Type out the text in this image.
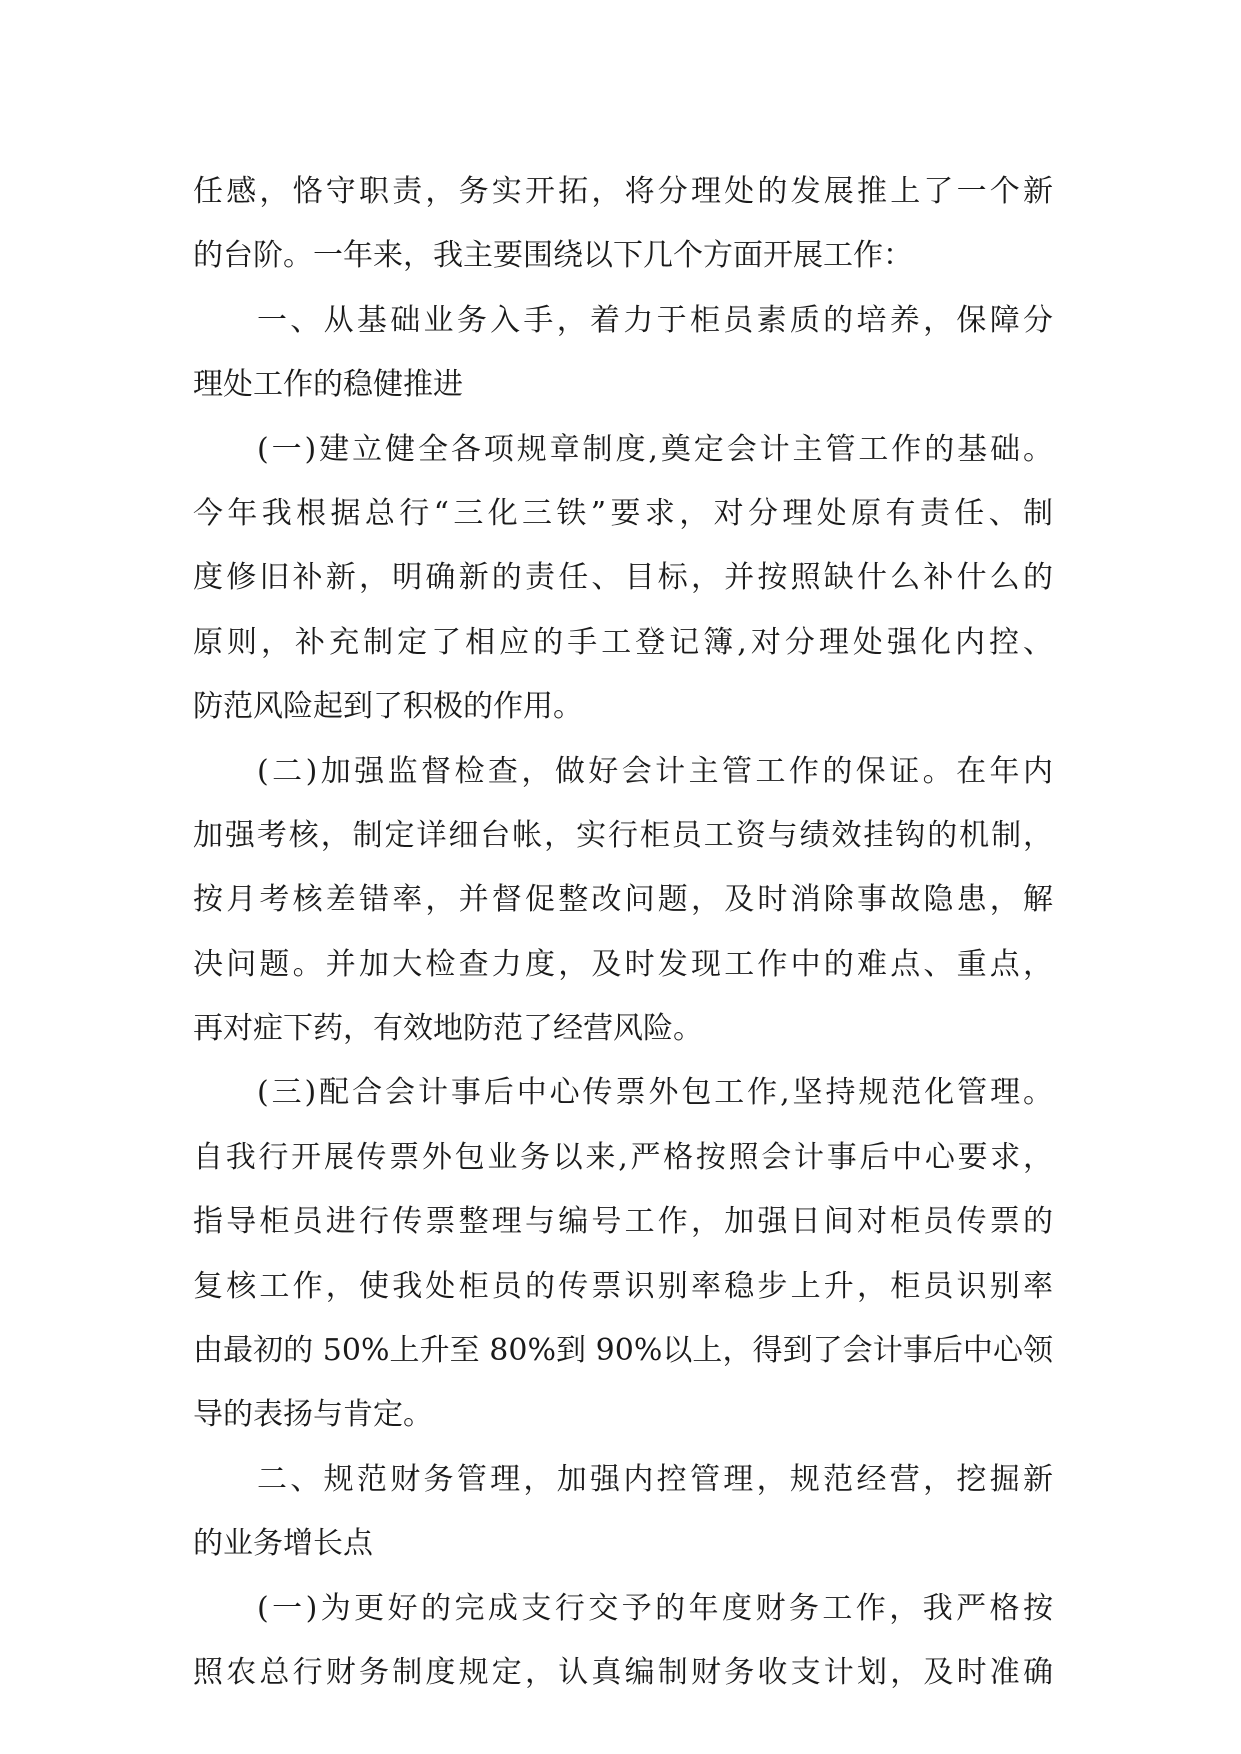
任感，恪守职责，务实开拓，将分理处的发展推上了一个新
的台阶。一年来，我主要围绕以下几个方面开展工作：
一、从基础业务入手，着力于柜员素质的培养，保障分
理处工作的稳健推进
(一)建立健全各项规章制度,奠定会计主管工作的基础。
今年我根据总行“三化三铁”要求，对分理处原有责任、制
度修旧补新，明确新的责任、目标，并按照缺什么补什么的
原则，补充制定了相应的手工登记簿,对分理处强化内控、
防范风险起到了积极的作用。
(二)加强监督检查，做好会计主管工作的保证。在年内
加强考核，制定详细台帐，实行柜员工资与绩效挂钩的机制，
按月考核差错率，并督促整改问题，及时消除事故隐患，解
决问题。并加大检查力度，及时发现工作中的难点、重点，
再对症下药，有效地防范了经营风险。
(三)配合会计事后中心传票外包工作,坚持规范化管理。
自我行开展传票外包业务以来,严格按照会计事后中心要求，
指导柜员进行传票整理与编号工作，加强日间对柜员传票的
复核工作，使我处柜员的传票识别率稳步上升，柜员识别率
由最初的 50%上升至 80%到 90%以上，得到了会计事后中心领
导的表扬与肯定。
二、规范财务管理，加强内控管理，规范经营，挖掘新
的业务增长点
(一)为更好的完成支行交予的年度财务工作，我严格按
照农总行财务制度规定，认真编制财务收支计划，及时准确
